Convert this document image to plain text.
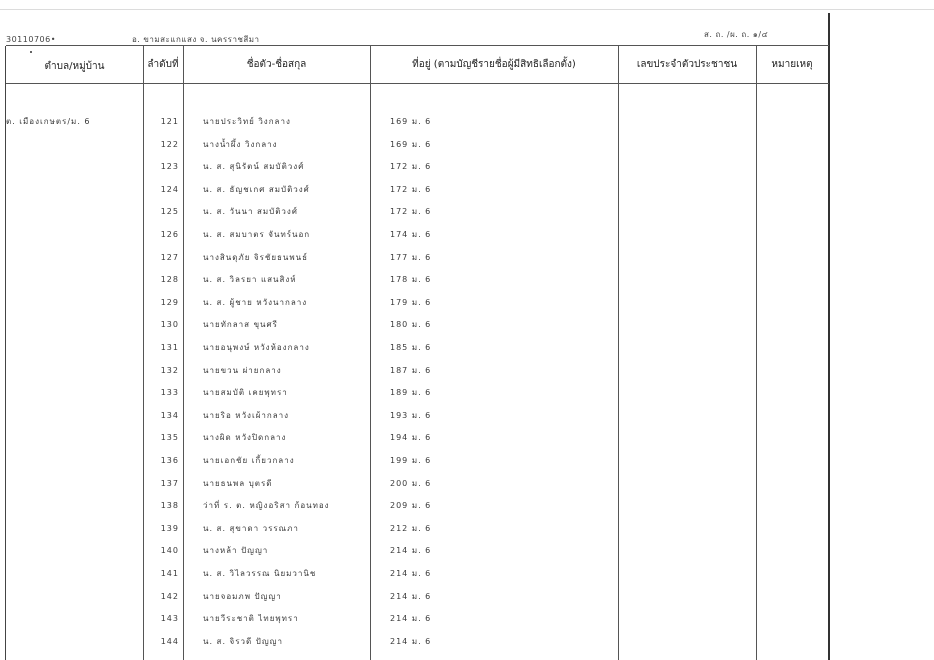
30110706•	อ. ขามสะแกแสง จ. นครราชสีมา
ส. ถ. /ผ. ถ. ๑/๔
ตำบล/หมู่บ้าน	ลำดับที่	ชื่อตัว-ชื่อสกุล	ที่อยู่ (ตามบัญชีรายชื่อผู้มีสิทธิเลือกตั้ง)	เลขประจำตัวประชาชน	หมายเหตุ
ต. เมืองเกษตร/ม. 6	121	นายประวิทย์ วิงกลาง	169 ม. 6
122	นางน้ำผึ้ง วิงกลาง	169 ม. 6
123	น. ส. สุนิรัตน์ สมบัติวงศ์	172 ม. 6
124	น. ส. ธัญชเกศ สมบัติวงศ์	172 ม. 6
125	น. ส. วันนา สมบัติวงศ์	172 ม. 6
126	น. ส. สมบาตร จันทร์นอก	174 ม. 6
127	นางสินดุภัย จิรชัยธนพนธ์	177 ม. 6
128	น. ส. วิลรยา แสนสิงห์	178 ม. 6
129	น. ส. ผู้ชาย หวังนากลาง	179 ม. 6
130	นายทักลาส ขุนศรี	180 ม. 6
131	นายอนุพงษ์ หวังห้องกลาง	185 ม. 6
132	นายขวน ผ่ายกลาง	187 ม. 6
133	นายสมบัติ เคยพุทรา	189 ม. 6
134	นายริอ หวังเผ้ากลาง	193 ม. 6
135	นางผิด หวังปิดกลาง	194 ม. 6
136	นายเอกชัย เกี้ยวกลาง	199 ม. 6
137	นายธนพล บุตรดี	200 ม. 6
138	ว่าที่ ร. ต. หญิงอริสา ก้อนทอง	209 ม. 6
139	น. ส. สุขาดา วรรณภา	212 ม. 6
140	นางหล้า ปัญญา	214 ม. 6
141	น. ส. วิไลวรรณ นิยมวานิช	214 ม. 6
142	นายจอมภพ ปัญญา	214 ม. 6
143	นายวีระชาติ ไทยพุทรา	214 ม. 6
144	น. ส. จิรวดี ปัญญา	214 ม. 6
